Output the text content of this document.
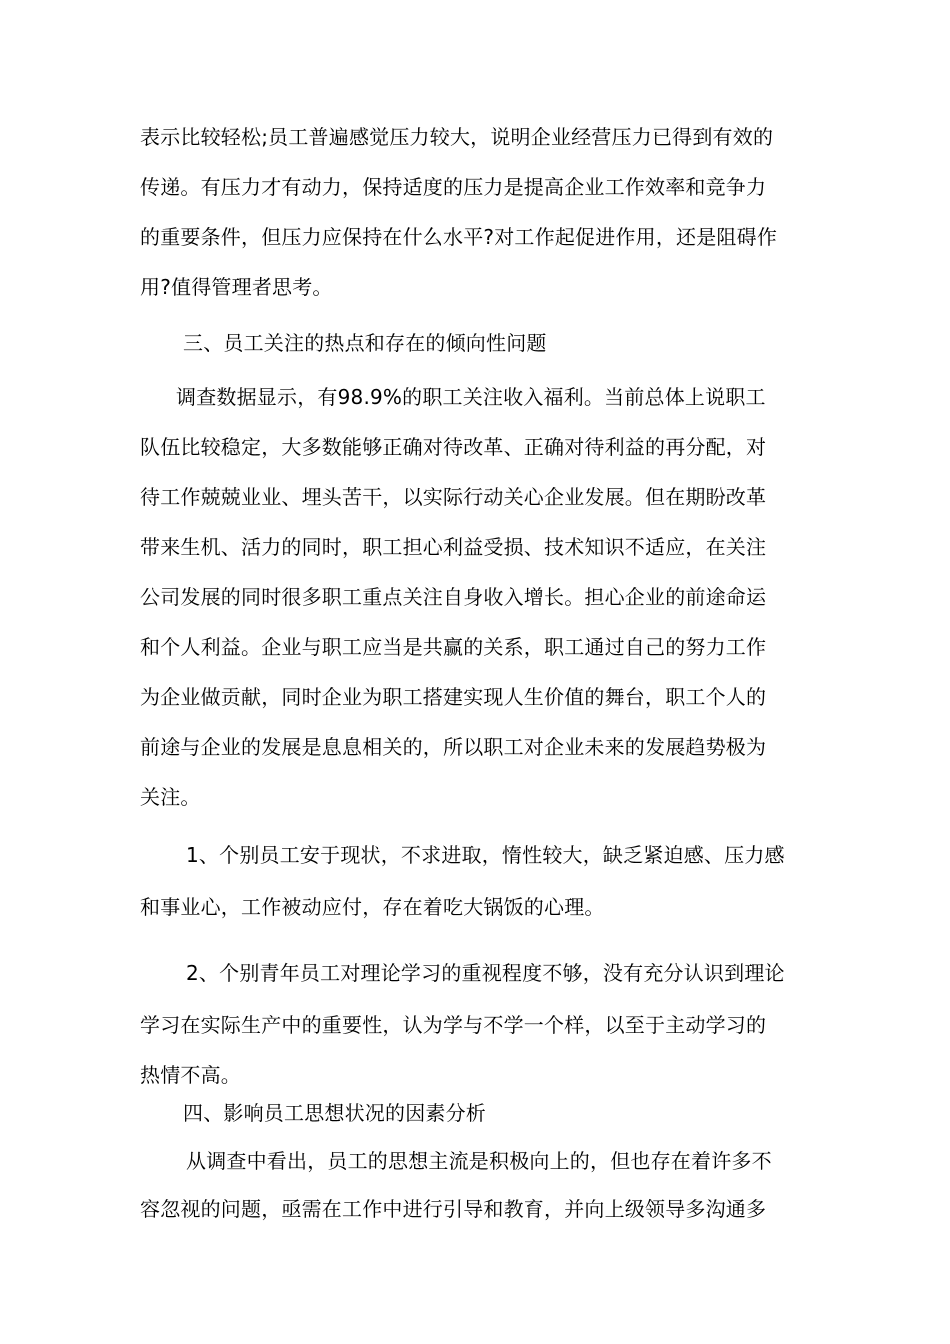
表示比较轻松;员工普遍感觉压力较大，说明企业经营压力已得到有效的
传递。有压力才有动力，保持适度的压力是提高企业工作效率和竞争力
的重要条件，但压力应保持在什么水平?对工作起促进作用，还是阻碍作
用?值得管理者思考。
三、员工关注的热点和存在的倾向性问题
调查数据显示，有98.9%的职工关注收入福利。当前总体上说职工
队伍比较稳定，大多数能够正确对待改革、正确对待利益的再分配，对
待工作兢兢业业、埋头苦干，以实际行动关心企业发展。但在期盼改革
带来生机、活力的同时，职工担心利益受损、技术知识不适应，在关注
公司发展的同时很多职工重点关注自身收入增长。担心企业的前途命运
和个人利益。企业与职工应当是共赢的关系，职工通过自己的努力工作
为企业做贡献，同时企业为职工搭建实现人生价值的舞台，职工个人的
前途与企业的发展是息息相关的，所以职工对企业未来的发展趋势极为
关注。
1、个别员工安于现状，不求进取，惰性较大，缺乏紧迫感、压力感
和事业心，工作被动应付，存在着吃大锅饭的心理。
2、个别青年员工对理论学习的重视程度不够，没有充分认识到理论
学习在实际生产中的重要性，认为学与不学一个样，以至于主动学习的
热情不高。
四、影响员工思想状况的因素分析
从调查中看出，员工的思想主流是积极向上的，但也存在着许多不
容忽视的问题，亟需在工作中进行引导和教育，并向上级领导多沟通多
